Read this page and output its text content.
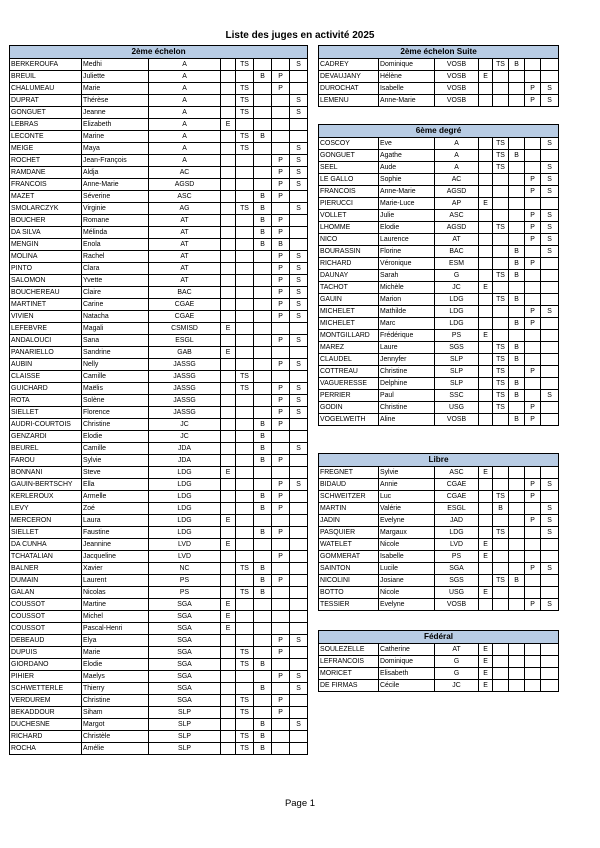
Liste des juges en activité 2025
2ème échelon							
BERKEROUFA	Medhi	A		TS			S
BREUIL	Juliette	A			B	P	
CHALUMEAU	Marie	A		TS		P	
DUPRAT	Thérèse	A		TS			S
GONGUET	Jeanne	A		TS			S
LEBRAS	Elizabeth	A	E				
LECONTE	Marine	A		TS	B		
MEIGE	Maya	A		TS			S
ROCHET	Jean-François	A				P	S
RAMDANE	Aldja	AC				P	S
FRANCOIS	Anne-Marie	AGSD				P	S
MAZET	Séverine	ASC			B	P	
SMOLARCZYK	Virginie	AG		TS	B		S
BOUCHER	Romane	AT			B	P	
DA SILVA	Mélinda	AT			B	P	
MENGIN	Enola	AT			B	B	
MOLINA	Rachel	AT				P	S
PINTO	Clara	AT				P	S
SALOMON	Yvette	AT				P	S
BOUCHEREAU	Claire	BAC				P	S
MARTINET	Carine	CGAE				P	S
VIVIEN	Natacha	CGAE				P	S
LEFEBVRE	Magali	CSMISD	E				
ANDALOUCI	Sana	ESGL				P	S
PANARIELLO	Sandrine	GAB	E				
AUBIN	Nelly	JASSG				P	S
CLAISSE	Camille	JASSG		TS			
GUICHARD	Maëlis	JASSG		TS		P	S
ROTA	Solène	JASSG				P	S
SIELLET	Florence	JASSG				P	S
AUDRI-COURTOIS	Christine	JC			B	P	
GENZARDI	Elodie	JC			B		
BEUREL	Camille	JDA			B		S
FAROU	Sylvie	JDA			B	P	
BONNANI	Steve	LDG	E				
GAUIN-BERTSCHY	Ella	LDG				P	S
KERLEROUX	Armelle	LDG			B	P	
LEVY	Zoé	LDG			B	P	
MERCERON	Laura	LDG	E				
SIELLET	Faustine	LDG			B	P	
DA CUNHA	Jeannine	LVD	E				
TCHATALIAN	Jacqueline	LVD				P	
BALNER	Xavier	NC		TS	B		
DUMAIN	Laurent	PS			B	P	
GALAN	Nicolas	PS		TS	B		
COUSSOT	Martine	SGA	E				
COUSSOT	Michel	SGA	E				
COUSSOT	Pascal-Henri	SGA	E				
DEBEAUD	Elya	SGA				P	S
DUPUIS	Marie	SGA		TS		P	
GIORDANO	Elodie	SGA		TS	B		
PIHIER	Maelys	SGA				P	S
SCHWETTERLE	Thierry	SGA			B		S
VERDUREM	Christine	SGA		TS		P	
BEKADDOUR	Siham	SLP		TS		P	
DUCHESNE	Margot	SLP			B		S
RICHARD	Christèle	SLP		TS	B		
ROCHA	Amélie	SLP		TS	B		
2ème échelon Suite							
CADREY	Dominique	VOSB		TS	B		
DEVAUJANY	Hélène	VOSB	E				
DUROCHAT	Isabelle	VOSB				P	S
LEMENU	Anne-Marie	VOSB				P	S
6ème degré							
COSCOY	Eve	A		TS			S
GONGUET	Agathe	A		TS	B		
SEEL	Aude	A		TS			S
LE GALLO	Sophie	AC				P	S
FRANCOIS	Anne-Marie	AGSD				P	S
PIERUCCI	Marie-Luce	AP	E				
VOLLET	Julie	ASC				P	S
LHOMME	Elodie	AGSD		TS		P	S
NICO	Laurence	AT				P	S
BOURASSIN	Florine	BAC			B		S
RICHARD	Véronique	ESM			B	P	
DAUNAY	Sarah	G		TS	B		
TACHOT	Michèle	JC	E				
GAUIN	Marion	LDG		TS	B		
MICHELET	Mathilde	LDG				P	S
MICHELET	Marc	LDG			B	P	
MONTGILLARD	Frédérique	PS	E				
MAREZ	Laure	SGS		TS	B		
CLAUDEL	Jennyfer	SLP		TS	B		
COTTREAU	Christine	SLP		TS		P	
VAGUERESSE	Delphine	SLP		TS	B		
PERRIER	Paul	SSC		TS	B		S
GODIN	Christine	USG		TS		P	
VOGELWEITH	Aline	VOSB			B	P	
Libre							
FREGNET	Sylvie	ASC	E				
BIDAUD	Annie	CGAE				P	S
SCHWEITZER	Luc	CGAE		TS		P	
MARTIN	Valérie	ESGL		B			S
JADIN	Evelyne	JAD				P	S
PASQUIER	Margaux	LDG		TS			S
WATELET	Nicole	LVD	E				
GOMMERAT	Isabelle	PS	E				
SAINTON	Lucile	SGA				P	S
NICOLINI	Josiane	SGS		TS	B		
BOTTO	Nicole	USG	E				
TESSIER	Evelyne	VOSB				P	S
Fédéral							
SOULEZELLE	Catherine	AT	E				
LEFRANCOIS	Dominique	G	E				
MORICET	Elisabeth	G	E				
DE FIRMAS	Cécile	JC	E				
Page 1
